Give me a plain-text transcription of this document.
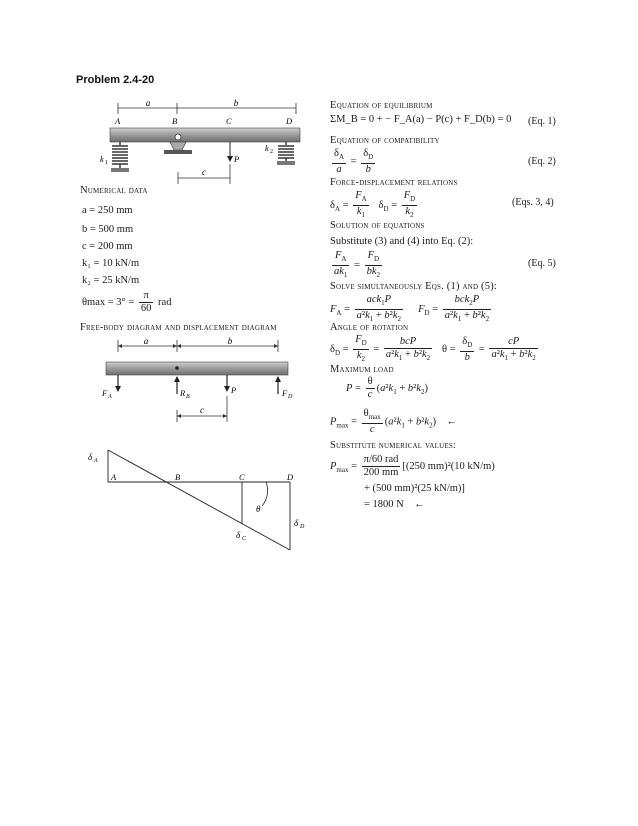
Problem 2.4-20
a	b
A	B	C	D
k 1	P
c
k 2
Numerical data
a = 250 mm
b = 500 mm
c = 200 mm
k₁ = 10 kN/m
k₂ = 25 kN/m
$\theta\max = 3^\circ = \frac{\pi}{60}$ rad
Free-body diagram and displacement diagram
a	b
F A	R B
P	F D
c
δ A
A	B	C	D
θ
δ C
δ D
Equation of equilibrium
ΣM_B = 0 + − F_A(a) − P(c) + F_D(b) = 0 (Eq. 1)
Equation of compatibility
$\frac{\delta_A}{a} = \frac{\delta_D}{b}$	(Eq. 2)
Force-displacement relations
$\delta_A = \frac{F_A}{k_1} \delta_D = \frac{F_D}{k_2}$	(Eqs. 3, 4)
Solution of equations
Substitute (3) and (4) into Eq. (2):
$\frac{F_A}{ak_1} = \frac{F_D}{bk_2}$	(Eq. 5)
Solve simultaneously Eqs. (1) and (5):
$F_A = \frac{ack_1P}{a^2k_1 + b^2k_2} F_D = \frac{bck_2P}{a^2k_1 + b^2k_2}$
Angle of rotation
$\delta_D = \frac{F_D}{k_2} = \frac{\text{bcP}}{a^2k_1 + b^2k_2}$ $\theta = \frac{\delta_D}{b} = \frac{cP}{a^2k_1 + b^2k_2}$
Maximum load
$P = \frac{\theta}{c} (a^2k_1 + b^2k_2)$
$P_{max} = \frac{\theta_{max}}{c} (a^2k_1 + b^2k_2)$    ←
Substitute numerical values:
$P_{max} = \frac{\text{π/60 rad}}{200 mm} [(250$ mm)²(10 kN/m)
+ (500 mm)²(25 kN/m)]
= 1800 N ←
